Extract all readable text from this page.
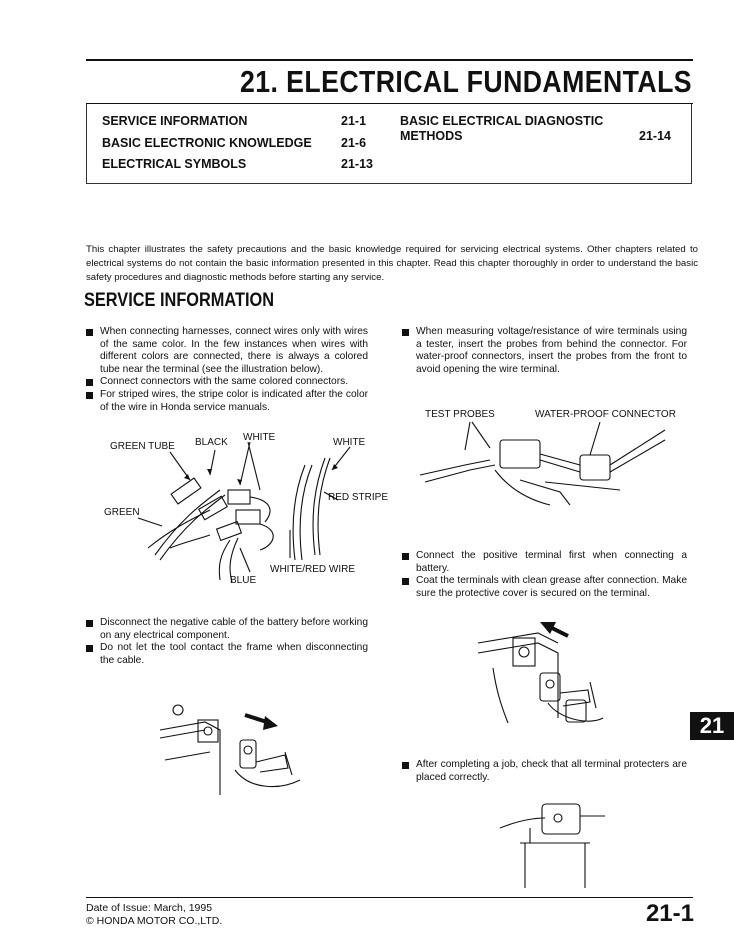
21. ELECTRICAL FUNDAMENTALS
SERVICE INFORMATION	21-1
BASIC ELECTRONIC KNOWLEDGE 21-6
ELECTRICAL SYMBOLS	21-13
BASIC ELECTRICAL DIAGNOSTIC
METHODS	21-14
This chapter illustrates the safety precautions and the basic knowledge required for servicing electrical systems. Other chapters related to electrical systems do not contain the basic information presented in this chapter. Read this chapter thoroughly in order to understand the basic safety procedures and diagnostic methods before starting any service.
SERVICE INFORMATION
When connecting harnesses, connect wires only with wires of the same color. In the few instances when wires with different colors are connected, there is always a colored tube near the terminal (see the illustration below).
Connect connectors with the same colored connectors.
For striped wires, the stripe color is indicated after the color of the wire in Honda service manuals.
GREEN TUBE BLACK WHITE	WHITE
RED STRIPE
GREEN
WHITE/RED WIRE
BLUE
Disconnect the negative cable of the battery before working on any electrical component.
Do not let the tool contact the frame when disconnecting the cable.
When measuring voltage/resistance of wire terminals using a tester, insert the probes from behind the connector. For water-proof connectors, insert the probes from the front to avoid opening the wire terminal.
TEST PROBES	WATER-PROOF CONNECTOR
Connect the positive terminal first when connecting a battery.
Coat the terminals with clean grease after connection. Make sure the protective cover is secured on the terminal.
After completing a job, check that all terminal protecters are placed correctly.
21
Date of Issue: March, 1995
© HONDA MOTOR CO.,LTD.	21-1
